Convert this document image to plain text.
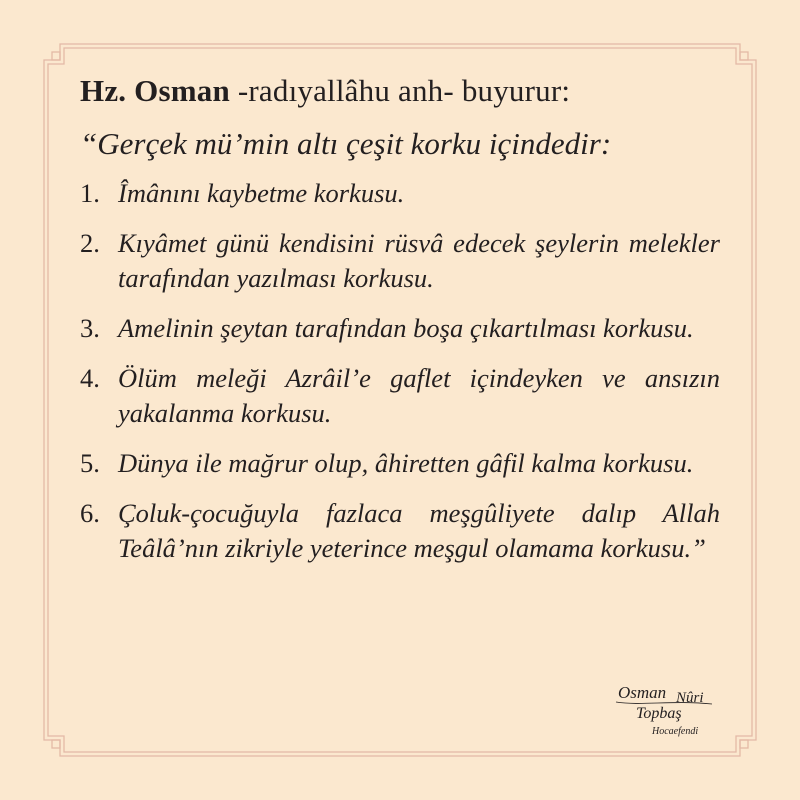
Hz. Osman -radıyallâhu anh- buyurur:

“Gerçek mü’min altı çeşit korku içindedir:

1. Îmânını kaybetme korkusu.
2. Kıyâmet günü kendisini rüsvâ edecek şeylerin melekler tarafından yazılması korkusu.
3. Amelinin şeytan tarafından boşa çıkartılması korkusu.
4. Ölüm meleği Azrâil’e gaflet içindeyken ve ansızın yakalanma korkusu.
5. Dünya ile mağrur olup, âhiretten gâfil kalma korkusu.
6. Çoluk-çocuğuyla fazlaca meşgûliyete dalıp Allah Teâlâ’nın zikriyle yeterince meşgul olamama korkusu.”
Osman Nûri
Topbaş
Hocaefendi
